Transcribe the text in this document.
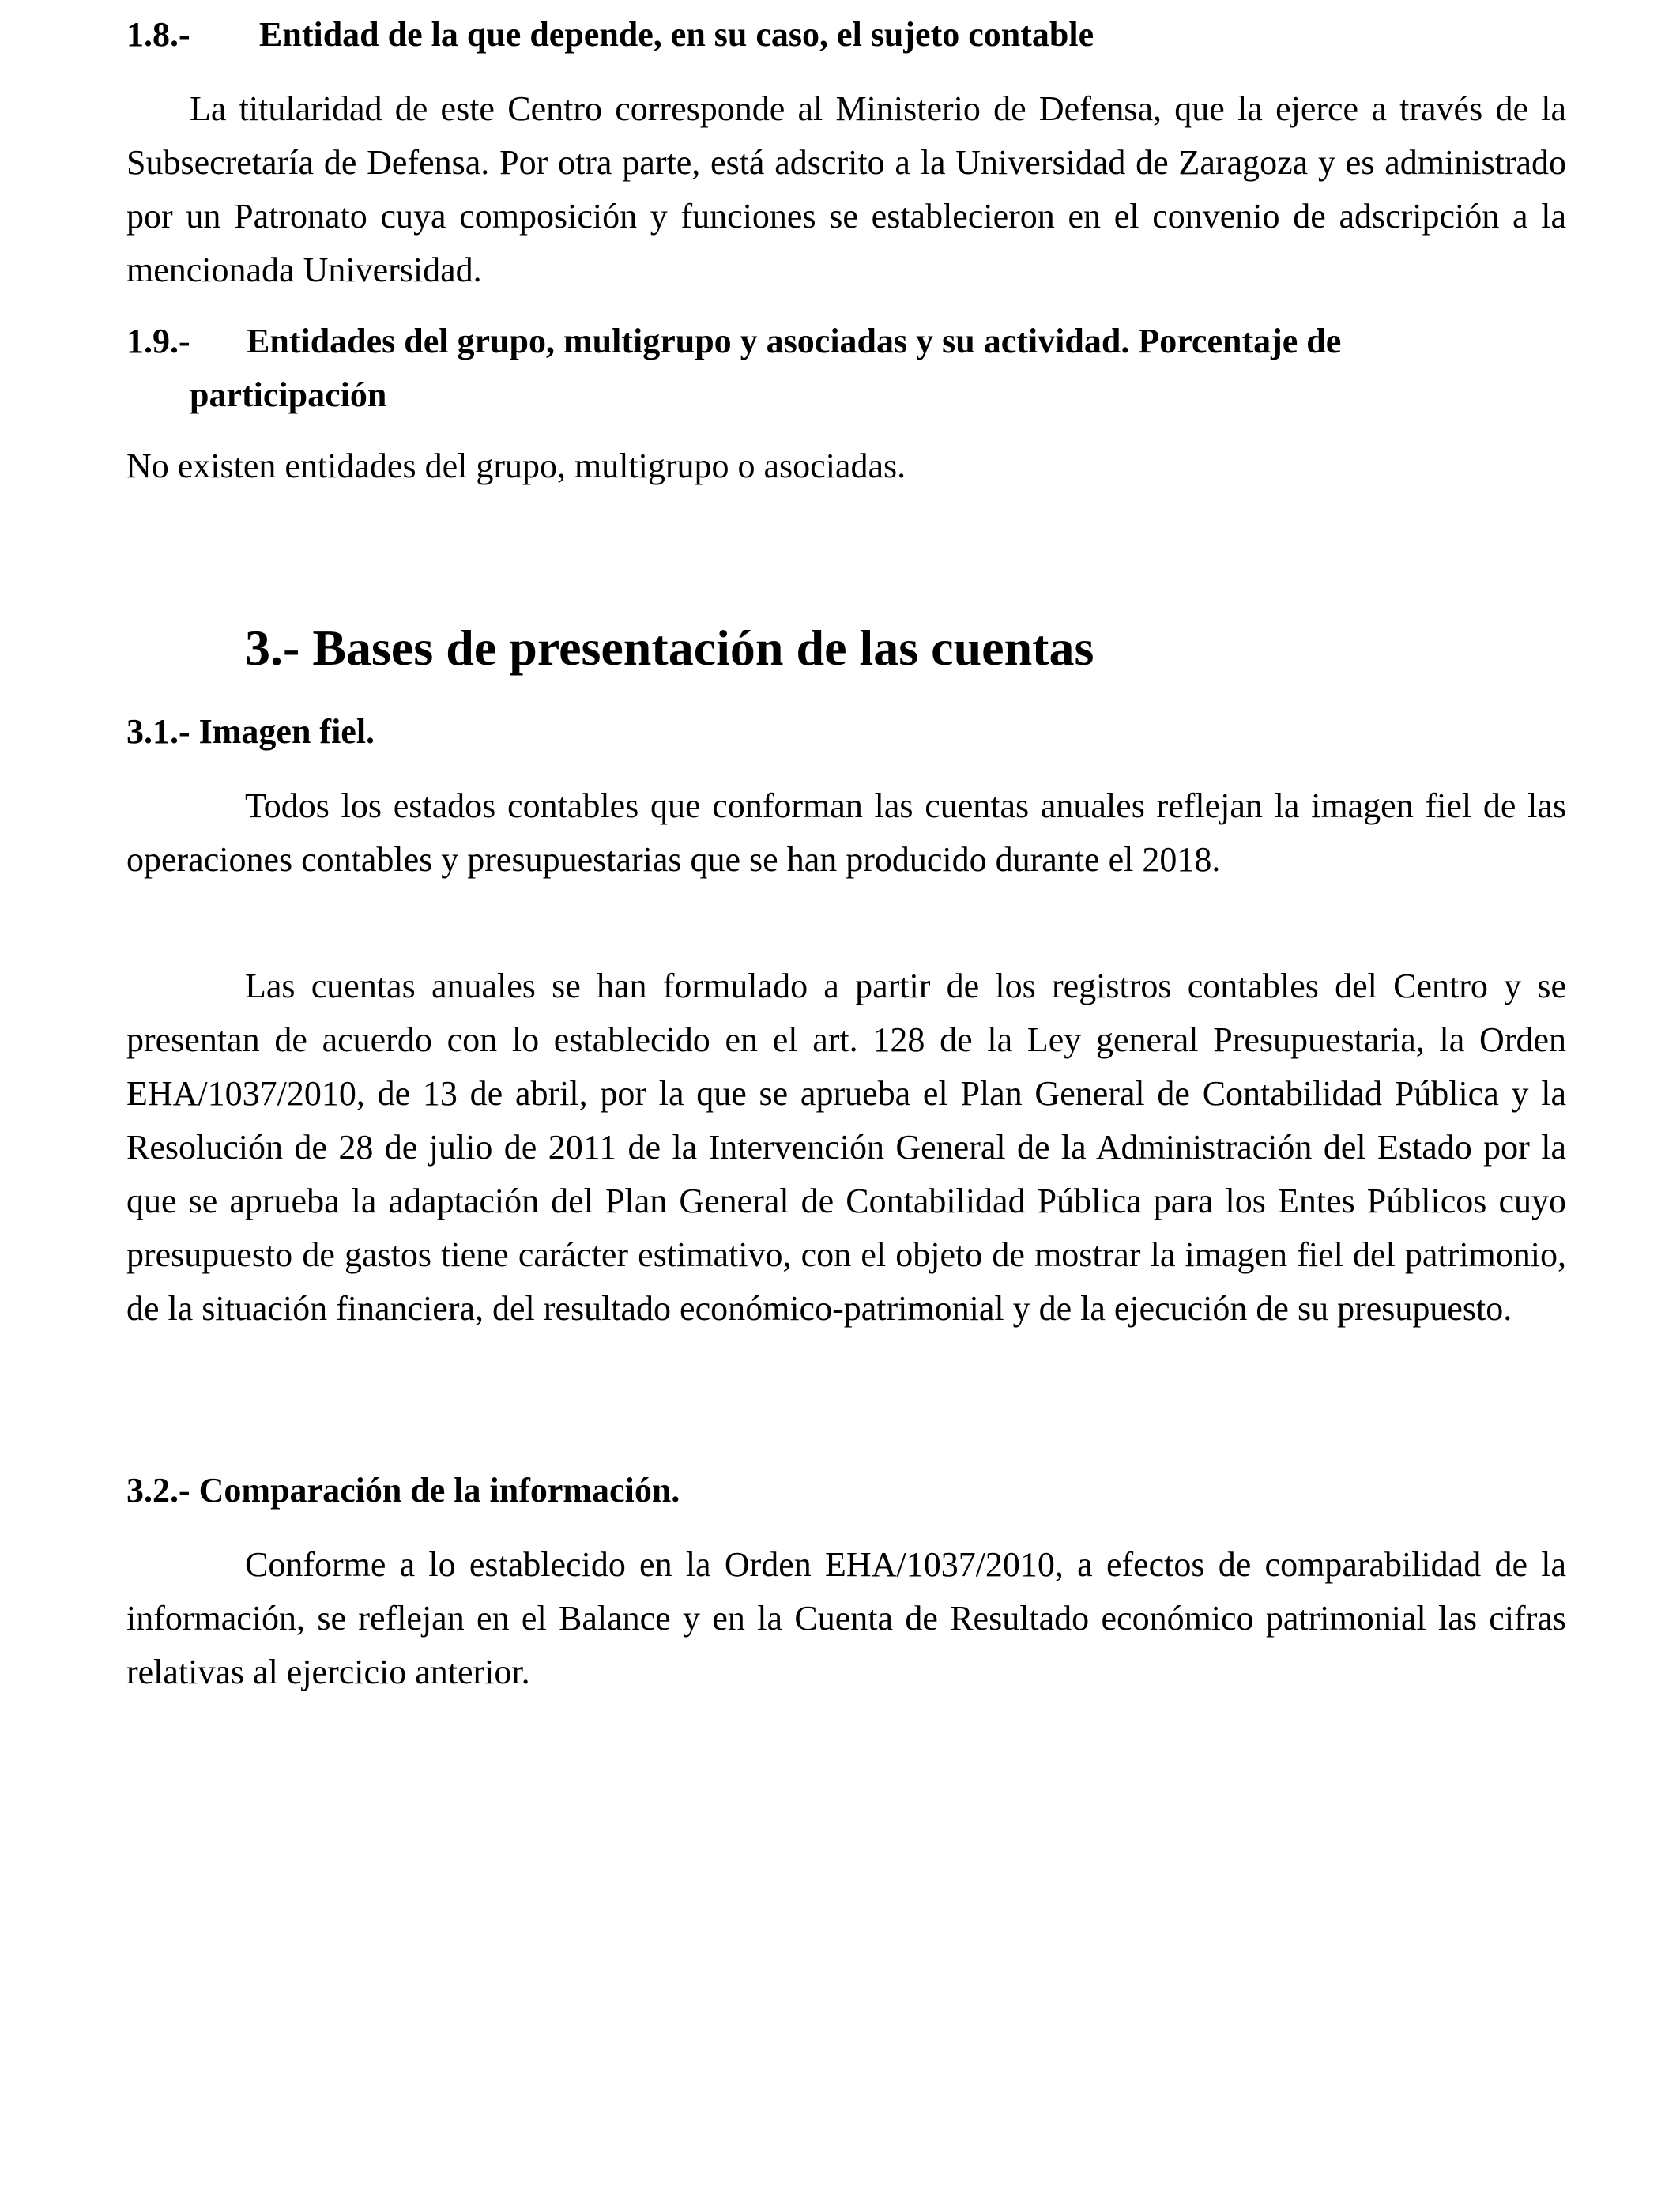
1.8.- Entidad de la que depende, en su caso, el sujeto contable

La titularidad de este Centro corresponde al Ministerio de Defensa, que la ejerce a través de la Subsecretaría de Defensa. Por otra parte, está adscrito a la Universidad de Zaragoza y es administrado por un Patronato cuya composición y funciones se establecieron en el convenio de adscripción a la mencionada Universidad.

1.9.- Entidades del grupo, multigrupo y asociadas y su actividad. Porcentaje de
participación

No existen entidades del grupo, multigrupo o asociadas.

3.- Bases de presentación de las cuentas
3.1.- Imagen fiel.

Todos los estados contables que conforman las cuentas anuales reflejan la imagen fiel de las operaciones contables y presupuestarias que se han producido durante el 2018.

Las cuentas anuales se han formulado a partir de los registros contables del Centro y se presentan de acuerdo con lo establecido en el art. 128 de la Ley general Presupuestaria, la Orden EHA/1037/2010, de 13 de abril, por la que se aprueba el Plan General de Contabilidad Pública y la Resolución de 28 de julio de 2011 de la Intervención General de la Administración del Estado por la que se aprueba la adaptación del Plan General de Contabilidad Pública para los Entes Públicos cuyo presupuesto de gastos tiene carácter estimativo, con el objeto de mostrar la imagen fiel del patrimonio, de la situación financiera, del resultado económico-patrimonial y de la ejecución de su presupuesto.

3.2.- Comparación de la información.

Conforme a lo establecido en la Orden EHA/1037/2010, a efectos de comparabilidad de la información, se reflejan en el Balance y en la Cuenta de Resultado económico patrimonial las cifras relativas al ejercicio anterior.
